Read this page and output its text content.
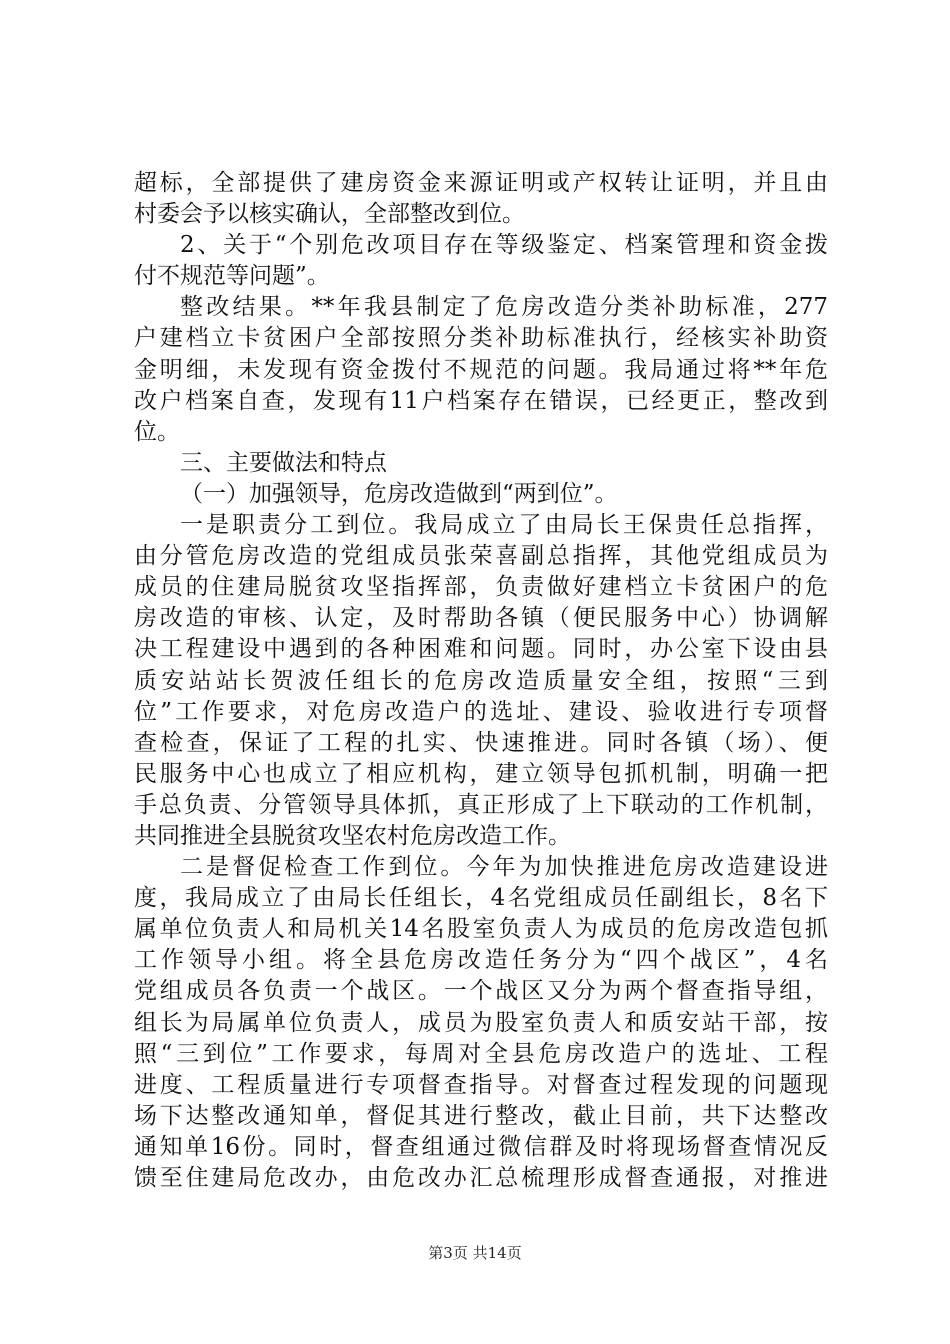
超标，全部提供了建房资金来源证明或产权转让证明，并且由
村委会予以核实确认，全部整改到位。
2、关于“个别危改项目存在等级鉴定、档案管理和资金拨
付不规范等问题”。
整改结果。**年我县制定了危房改造分类补助标准，277
户建档立卡贫困户全部按照分类补助标准执行，经核实补助资
金明细，未发现有资金拨付不规范的问题。我局通过将**年危
改户档案自查，发现有11户档案存在错误，已经更正，整改到
位。
三、主要做法和特点
（一）加强领导，危房改造做到“两到位”。
一是职责分工到位。我局成立了由局长王保贵任总指挥，
由分管危房改造的党组成员张荣喜副总指挥，其他党组成员为
成员的住建局脱贫攻坚指挥部，负责做好建档立卡贫困户的危
房改造的审核、认定，及时帮助各镇（便民服务中心）协调解
决工程建设中遇到的各种困难和问题。同时，办公室下设由县
质安站站长贺波任组长的危房改造质量安全组，按照“三到
位”工作要求，对危房改造户的选址、建设、验收进行专项督
查检查，保证了工程的扎实、快速推进。同时各镇（场）、便
民服务中心也成立了相应机构，建立领导包抓机制，明确一把
手总负责、分管领导具体抓，真正形成了上下联动的工作机制，
共同推进全县脱贫攻坚农村危房改造工作。
二是督促检查工作到位。今年为加快推进危房改造建设进
度，我局成立了由局长任组长，4名党组成员任副组长，8名下
属单位负责人和局机关14名股室负责人为成员的危房改造包抓
工作领导小组。将全县危房改造任务分为“四个战区”，4名
党组成员各负责一个战区。一个战区又分为两个督查指导组，
组长为局属单位负责人，成员为股室负责人和质安站干部，按
照“三到位”工作要求，每周对全县危房改造户的选址、工程
进度、工程质量进行专项督查指导。对督查过程发现的问题现
场下达整改通知单，督促其进行整改，截止目前，共下达整改
通知单16份。同时，督查组通过微信群及时将现场督查情况反
馈至住建局危改办，由危改办汇总梳理形成督查通报，对推进
第3页 共14页
